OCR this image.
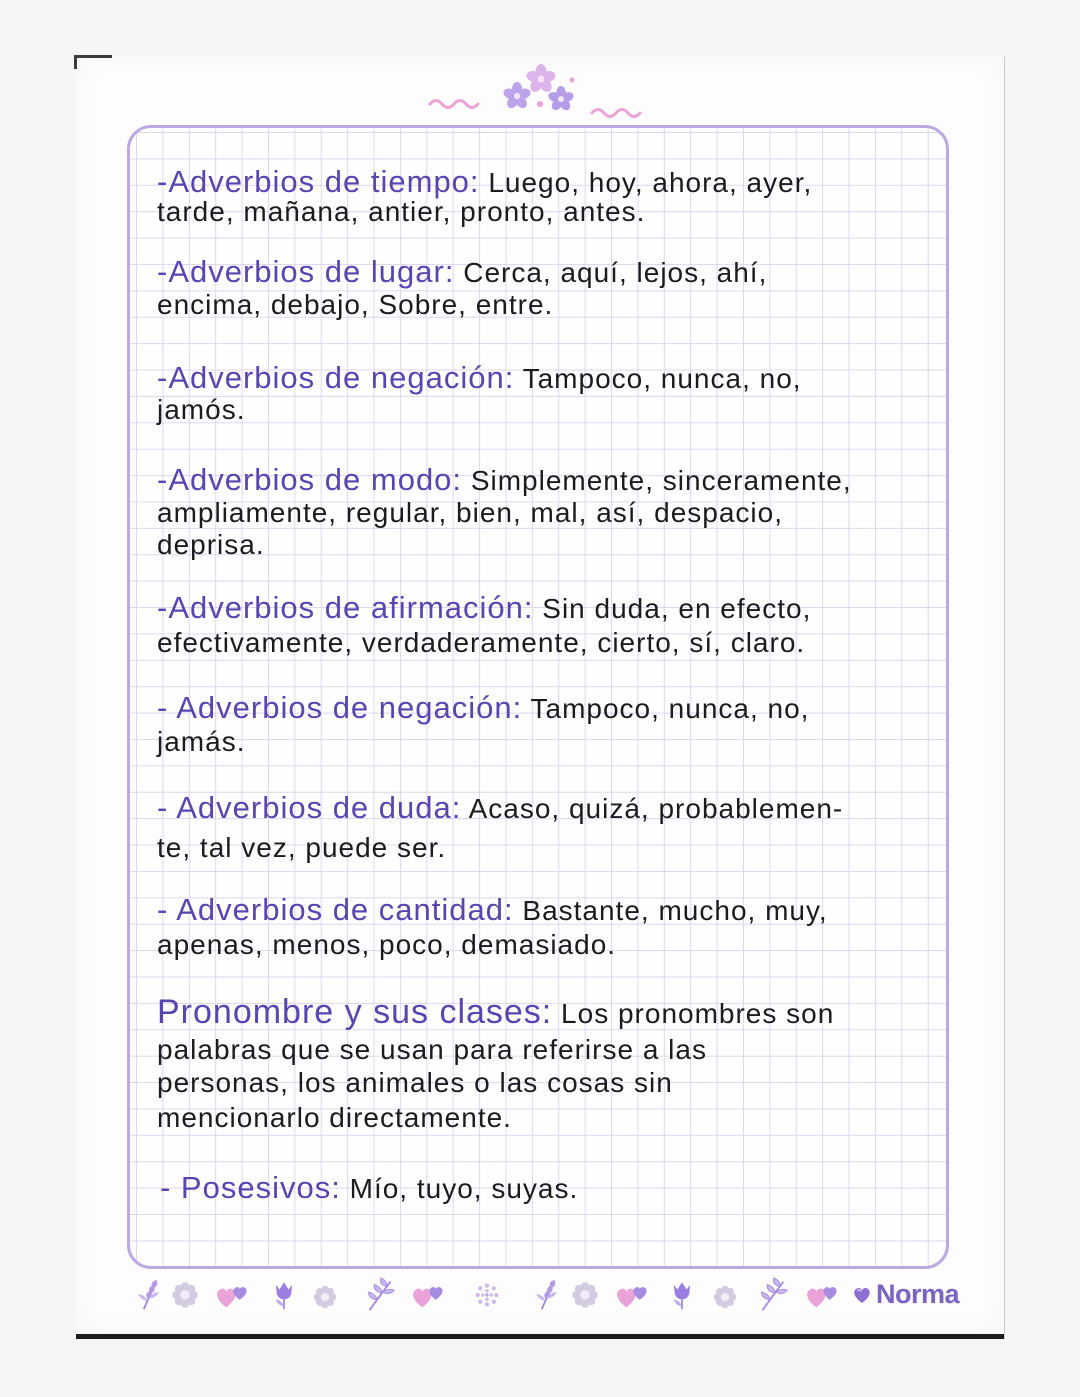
-Adverbios de tiempo: Luego, hoy, ahora, ayer,
tarde, mañana, antier, pronto, antes.
-Adverbios de lugar: Cerca, aquí, lejos, ahí,
encima, debajo, Sobre, entre.
-Adverbios de negación: Tampoco, nunca, no,
jamós.
-Adverbios de modo: Simplemente, sinceramente,
ampliamente, regular, bien, mal, así, despacio,
deprisa.
-Adverbios de afirmación: Sin duda, en efecto,
efectivamente, verdaderamente, cierto, sí, claro.
- Adverbios de negación: Tampoco, nunca, no,
jamás.
- Adverbios de duda: Acaso, quizá, probablemen-
te, tal vez, puede ser.
- Adverbios de cantidad: Bastante, mucho, muy,
apenas, menos, poco, demasiado.
Pronombre y sus clases: Los pronombres son
palabras que se usan para referirse a las
personas, los animales o las cosas sin
mencionarlo directamente.
- Posesivos: Mío, tuyo, suyas.
Norma
